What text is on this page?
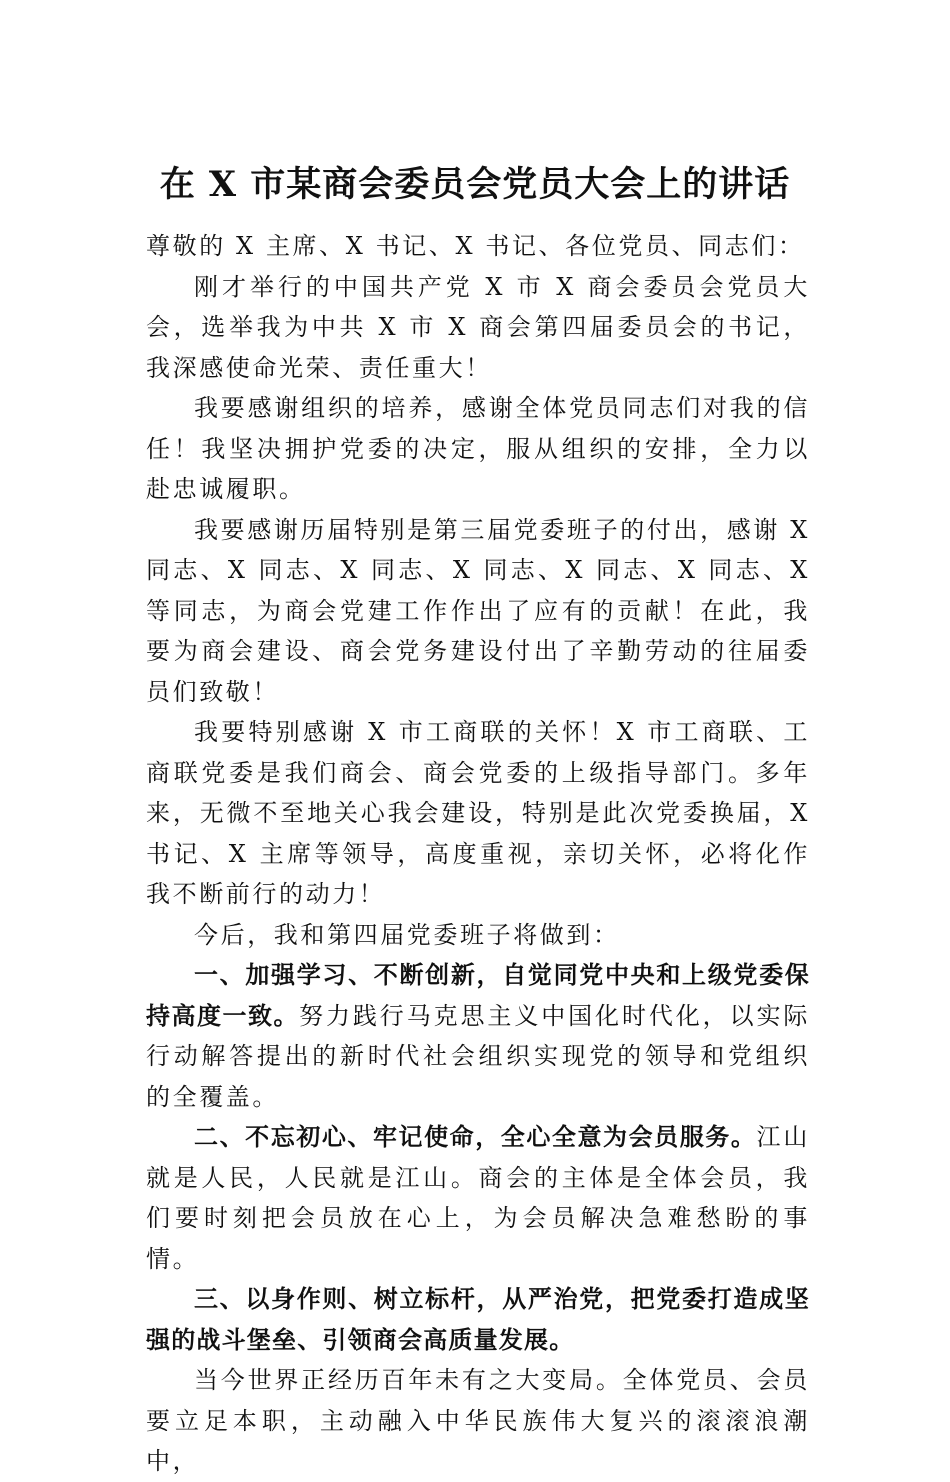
在 X 市某商会委员会党员大会上的讲话

尊敬的 X 主席、X 书记、X 书记、各位党员、同志们：

刚才举行的中国共产党 X 市 X 商会委员会党员大会，选举我为中共 X 市 X 商会第四届委员会的书记，我深感使命光荣、责任重大！

我要感谢组织的培养，感谢全体党员同志们对我的信任！我坚决拥护党委的决定，服从组织的安排，全力以赴忠诚履职。

我要感谢历届特别是第三届党委班子的付出，感谢 X 同志、X 同志、X 同志、X 同志、X 同志、X 同志、X 等同志，为商会党建工作作出了应有的贡献！在此，我要为商会建设、商会党务建设付出了辛勤劳动的往届委员们致敬！

我要特别感谢 X 市工商联的关怀！X 市工商联、工商联党委是我们商会、商会党委的上级指导部门。多年来，无微不至地关心我会建设，特别是此次党委换届，X 书记、X 主席等领导，高度重视，亲切关怀，必将化作我不断前行的动力！

今后，我和第四届党委班子将做到：

一、加强学习、不断创新，自觉同党中央和上级党委保持高度一致。努力践行马克思主义中国化时代化，以实际行动解答提出的新时代社会组织实现党的领导和党组织的全覆盖。

二、不忘初心、牢记使命，全心全意为会员服务。江山就是人民，人民就是江山。商会的主体是全体会员，我们要时刻把会员放在心上，为会员解决急难愁盼的事情。

三、以身作则、树立标杆，从严治党，把党委打造成坚强的战斗堡垒、引领商会高质量发展。

当今世界正经历百年未有之大变局。全体党员、会员要立足本职，主动融入中华民族伟大复兴的滚滚浪潮中，
